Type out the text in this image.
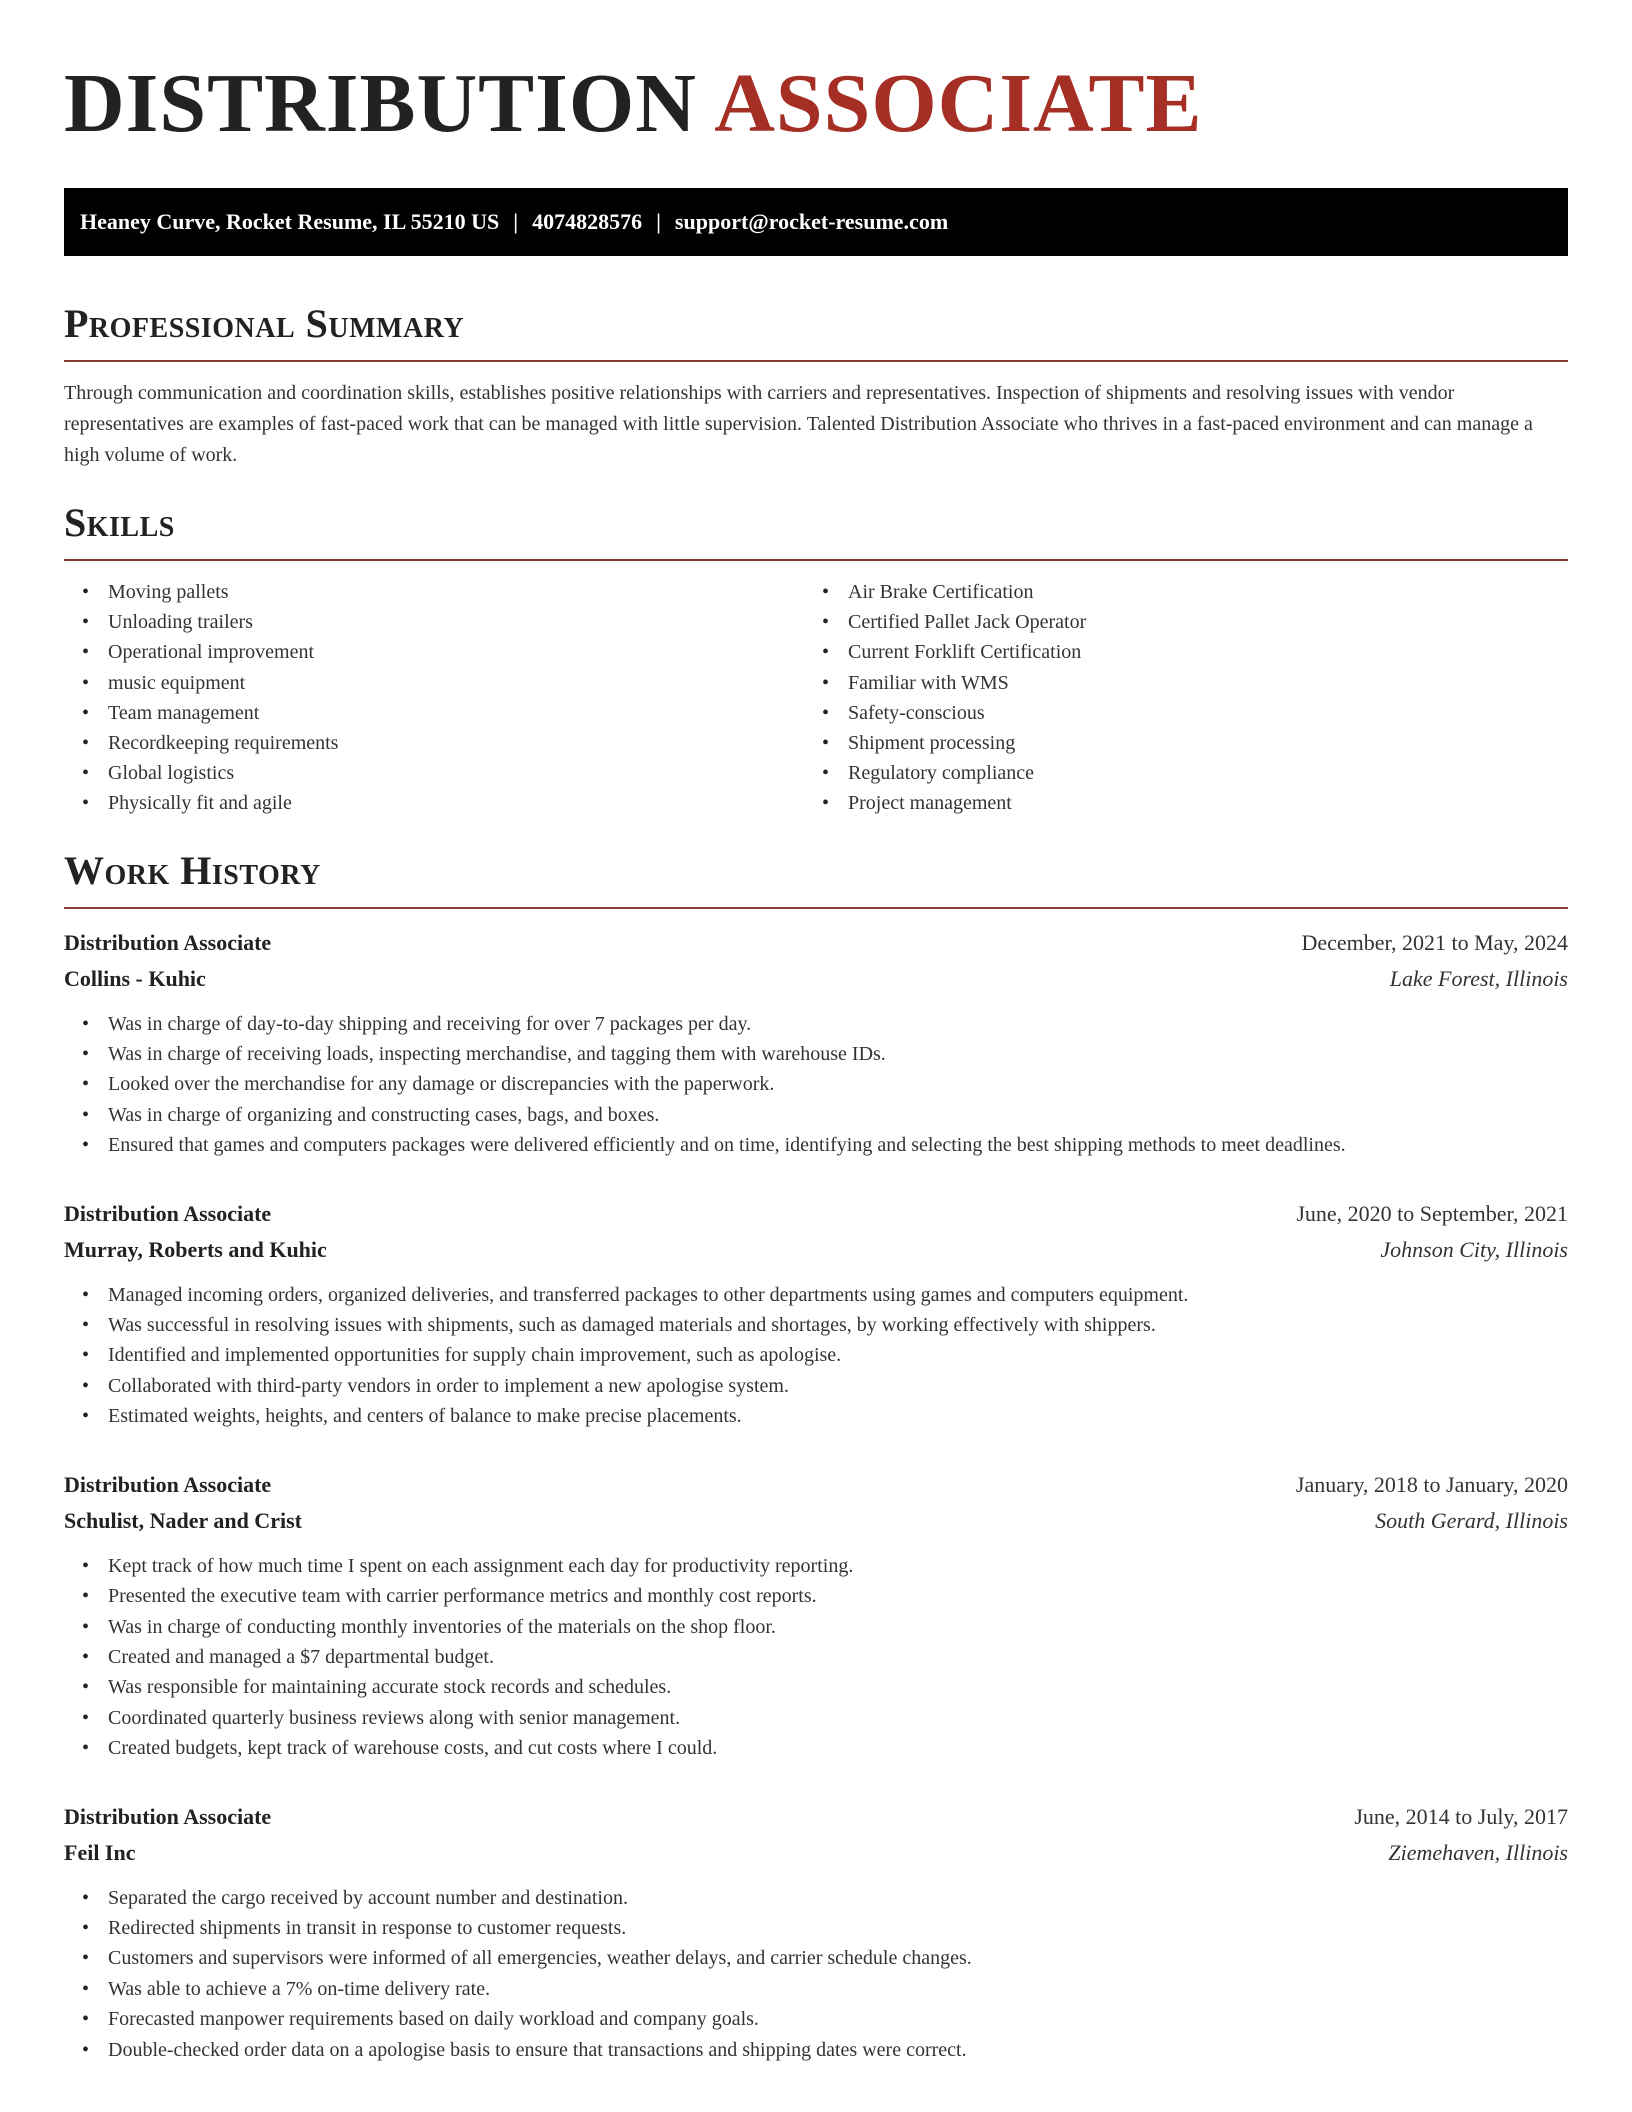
DISTRIBUTION ASSOCIATE
Heaney Curve, Rocket Resume, IL 55210 US | 4074828576 | support@rocket-resume.com
Professional Summary

Through communication and coordination skills, establishes positive relationships with carriers and representatives. Inspection of shipments and resolving issues with vendor representatives are examples of fast-paced work that can be managed with little supervision. Talented Distribution Associate who thrives in a fast-paced environment and can manage a high volume of work.

Skills
• Moving pallets
• Unloading trailers
• Operational improvement
• music equipment
• Team management
• Recordkeeping requirements
• Global logistics
• Physically fit and agile
• Air Brake Certification
• Certified Pallet Jack Operator
• Current Forklift Certification
• Familiar with WMS
• Safety-conscious
• Shipment processing
• Regulatory compliance
• Project management
Work History
Distribution Associate	December, 2021 to May, 2024
Collins - Kuhic	Lake Forest, Illinois
• Was in charge of day-to-day shipping and receiving for over 7 packages per day.
• Was in charge of receiving loads, inspecting merchandise, and tagging them with warehouse IDs.
• Looked over the merchandise for any damage or discrepancies with the paperwork.
• Was in charge of organizing and constructing cases, bags, and boxes.
• Ensured that games and computers packages were delivered efficiently and on time, identifying and selecting the best shipping methods to meet deadlines.
Distribution Associate	June, 2020 to September, 2021
Murray, Roberts and Kuhic	Johnson City, Illinois
• Managed incoming orders, organized deliveries, and transferred packages to other departments using games and computers equipment.
• Was successful in resolving issues with shipments, such as damaged materials and shortages, by working effectively with shippers.
• Identified and implemented opportunities for supply chain improvement, such as apologise.
• Collaborated with third-party vendors in order to implement a new apologise system.
• Estimated weights, heights, and centers of balance to make precise placements.
Distribution Associate	January, 2018 to January, 2020
Schulist, Nader and Crist	South Gerard, Illinois
• Kept track of how much time I spent on each assignment each day for productivity reporting.
• Presented the executive team with carrier performance metrics and monthly cost reports.
• Was in charge of conducting monthly inventories of the materials on the shop floor.
• Created and managed a $7 departmental budget.
• Was responsible for maintaining accurate stock records and schedules.
• Coordinated quarterly business reviews along with senior management.
• Created budgets, kept track of warehouse costs, and cut costs where I could.
Distribution Associate	June, 2014 to July, 2017
Feil Inc	Ziemehaven, Illinois
• Separated the cargo received by account number and destination.
• Redirected shipments in transit in response to customer requests.
• Customers and supervisors were informed of all emergencies, weather delays, and carrier schedule changes.
• Was able to achieve a 7% on-time delivery rate.
• Forecasted manpower requirements based on daily workload and company goals.
• Double-checked order data on a apologise basis to ensure that transactions and shipping dates were correct.
